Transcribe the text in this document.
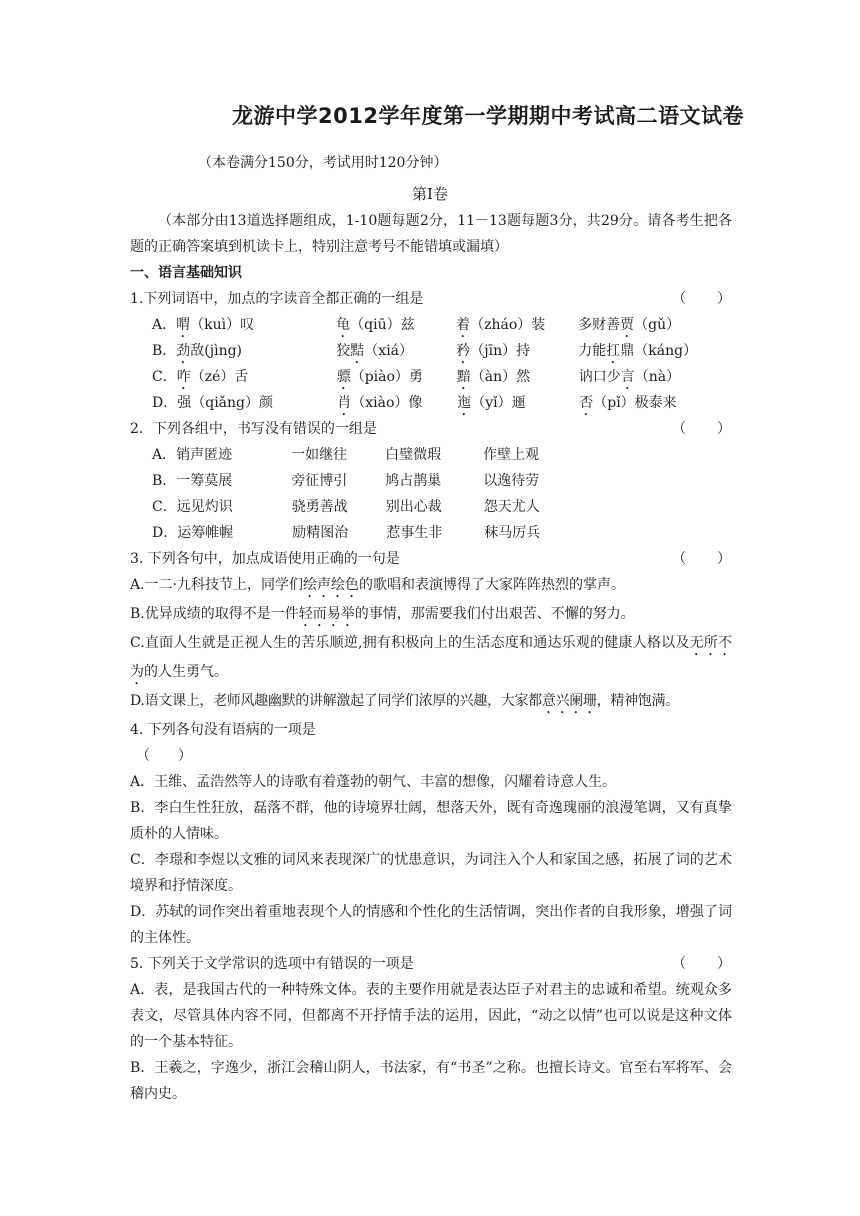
龙游中学2012学年度第一学期期中考试高二语文试卷
（本卷满分150分，考试用时120分钟）
第Ⅰ卷
（本部分由13道选择题组成，1-10题每题2分，11－13题每题3分，共29分。请各考生把各题的正确答案填到机读卡上，特别注意考号不能错填或漏填）
一、语言基础知识
1.下列词语中，加点的字读音全都正确的一组是	（　　）
A． 喟（kuì）叹	龟（qiū）兹	着（zháo）装	多财善贾（gǔ）
B． 劲敌(jìng)	狡黠（xiá）	矜（jīn）持	力能扛鼎（káng）
C． 咋（zé）舌	骠（piào）勇	黯（àn）然	讷口少言（nà）
D． 强（qiǎng）颜	肖（xiào）像	迤（yǐ）逦	否（pǐ）极泰来
2．下列各组中，书写没有错误的一组是	（　　）
A． 销声匿迹	一如继往	白璧微瑕	作壁上观
B． 一筹莫展	旁征博引	鸠占鹊巢	以逸待劳
C． 远见灼识	骁勇善战	别出心裁	怨天尤人
D． 运筹帷幄	励精图治	惹事生非	秣马厉兵
3. 下列各句中，加点成语使用正确的一句是	（　　）
A.一二·九科技节上，同学们绘声绘色的歌唱和表演博得了大家阵阵热烈的掌声。
B.优异成绩的取得不是一件轻而易举的事情，那需要我们付出艰苦、不懈的努力。
C.直面人生就是正视人生的苦乐顺逆,拥有积极向上的生活态度和通达乐观的健康人格以及无所不为的人生勇气。
D.语文课上，老师风趣幽默的讲解激起了同学们浓厚的兴趣，大家都意兴阑珊，精神饱满。
4. 下列各句没有语病的一项是
（　　）
A．王维、孟浩然等人的诗歌有着蓬勃的朝气、丰富的想像，闪耀着诗意人生。
B．李白生性狂放，磊落不群，他的诗境界壮阔，想落天外，既有奇逸瑰丽的浪漫笔调，又有真挚质朴的人情味。
C．李璟和李煜以文雅的词风来表现深广的忧患意识，为词注入个人和家国之感，拓展了词的艺术境界和抒情深度。
D．苏轼的词作突出着重地表现个人的情感和个性化的生活情调，突出作者的自我形象，增强了词的主体性。
5. 下列关于文学常识的选项中有错误的一项是	（　　）
A．表，是我国古代的一种特殊文体。表的主要作用就是表达臣子对君主的忠诚和希望。统观众多表文，尽管具体内容不同，但都离不开抒情手法的运用，因此，“动之以情”也可以说是这种文体的一个基本特征。
B．王羲之，字逸少，浙江会稽山阴人，书法家，有“书圣”之称。也擅长诗文。官至右军将军、会稽内史。
